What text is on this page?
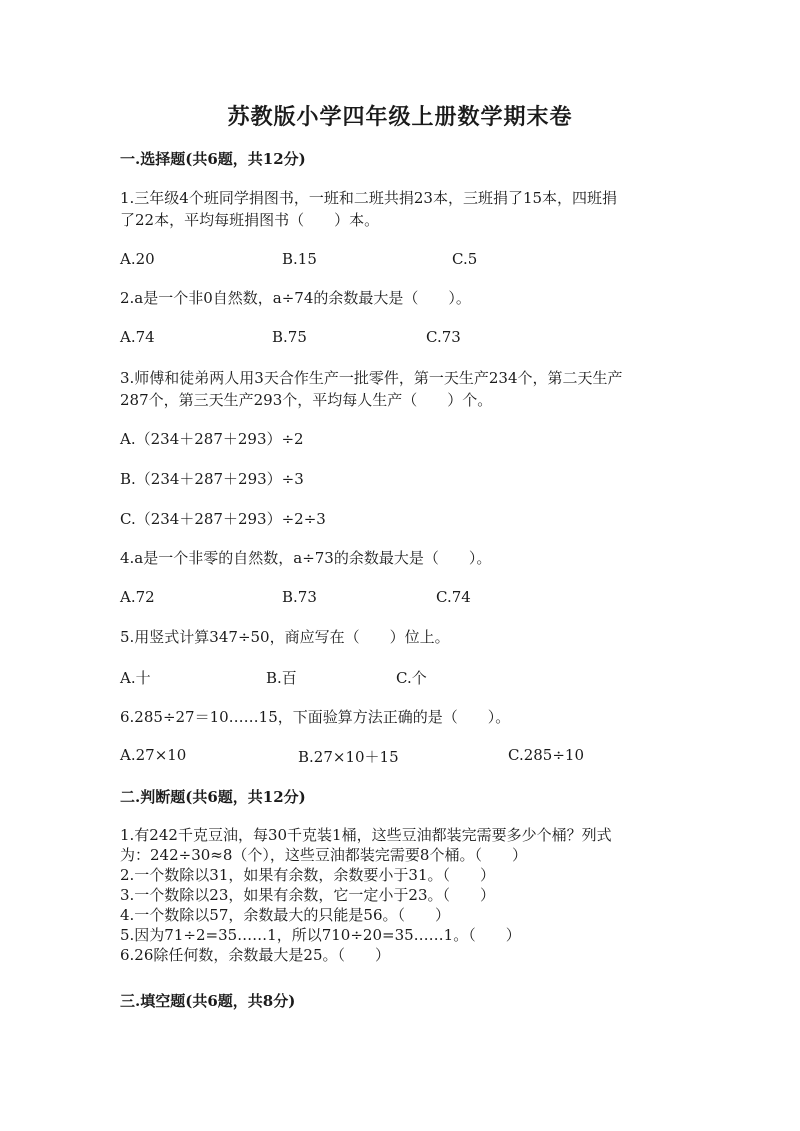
苏教版小学四年级上册数学期末卷
一.选择题(共6题，共12分)
1.三年级4个班同学捐图书，一班和二班共捐23本，三班捐了15本，四班捐
了22本，平均每班捐图书（　　）本。
A.20	B.15	C.5
2.a是一个非0自然数，a÷74的余数最大是（　　）。
A.74	B.75	C.73
3.师傅和徒弟两人用3天合作生产一批零件，第一天生产234个，第二天生产
287个，第三天生产293个，平均每人生产（　　）个。
A.（234＋287＋293）÷2
B.（234＋287＋293）÷3
C.（234＋287＋293）÷2÷3
4.a是一个非零的自然数，a÷73的余数最大是（　　）。
A.72	B.73	C.74
5.用竖式计算347÷50，商应写在（　　）位上。
A.十	B.百	C.个
6.285÷27＝10……15，下面验算方法正确的是（　　）。
A.27×10	B.27×10＋15	C.285÷10
二.判断题(共6题，共12分)
1.有242千克豆油，每30千克装1桶，这些豆油都装完需要多少个桶？列式
为：242÷30≈8（个），这些豆油都装完需要8个桶。（　　）
2.一个数除以31，如果有余数，余数要小于31。（　　）
3.一个数除以23，如果有余数，它一定小于23。（　　）
4.一个数除以57，余数最大的只能是56。（　　）
5.因为71÷2=35……1，所以710÷20=35……1。（　　）
6.26除任何数，余数最大是25。（　　）
三.填空题(共6题，共8分)
